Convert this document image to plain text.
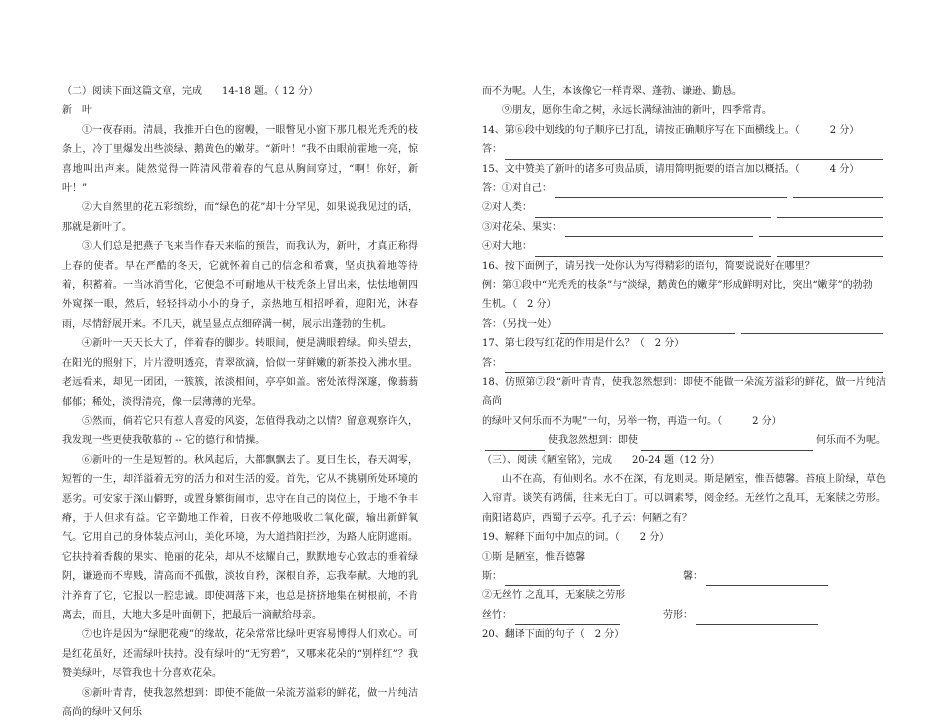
（二）阅读下面这篇文章，完成　　14-18 题。（ 12 分）

新　叶

①一夜春雨。清晨，我推开白色的窗幔，一眼瞥见小窗下那几根光秃秃的枝条上，冷丁里爆发出些淡绿、鹅黄色的嫩芽。“新叶！”我不由眼前霍地一亮，惊喜地叫出声来。陡然觉得一阵清风带着春的气息从胸间穿过，“啊！你好，新叶！”

②大自然里的花五彩缤纷，而“绿色的花”却十分罕见，如果说我见过的话，那就是新叶了。

③人们总是把燕子飞来当作春天来临的预告，而我认为，新叶，才真正称得上春的使者。早在严酷的冬天，它就怀着自己的信念和希冀，坚贞执着地等待着，积蓄着。一当冰消雪化，它便急不可耐地从干枝秃条上冒出来，怯怯地朝四外窥探一眼，然后，轻轻抖动小小的身子，亲热地互相招呼着，迎阳光，沐春雨，尽情舒展开来。不几天，就呈显点点细碎满一树，展示出蓬勃的生机。

④新叶一天天长大了，伴着春的脚步。转眼间，便是满眼碧绿。仰头望去，在阳光的照射下，片片澄明透亮，青翠欲滴，恰似一芽鲜嫩的新茶投入沸水里。老远看来，却见一团团，一簇簇，浓淡相间，亭亭如盖。密处浓得深邃，像蓊蓊郁郁；稀处，淡得清亮，像一层薄薄的光晕。

⑤然而，倘若它只有惹人喜爱的风姿，怎值得我动之以情？留意观察许久，我发现一些更使我敬慕的 -- 它的德行和情操。

⑥新叶的一生是短暂的。秋风起后，大都飘飘去了。夏日生长，春天凋零，短暂的一生，却洋溢着无穷的活力和对生活的爱。首先，它从不挑剔所处环境的恶劣。可安家于深山僻野，或置身繁街闹市，忠守在自己的岗位上，于地不争丰瘠，于人但求有益。它辛勤地工作着，日夜不停地吸收二氧化碳，输出新鲜氧气。它用自己的身体装点河山，美化环境，为大道挡阳拦沙，为路人庇阴遮雨。它扶持着香馥的果实、艳丽的花朵，却从不炫耀自己，默默地专心致志的垂着绿阴，谦逊而不卑贱，清高而不孤傲，淡妆自矜，深根自养，忘我奉献。大地的乳汁养育了它，它报以一腔忠诚。即使凋落下来，也总是挤挤地集在树根前，不肯离去，而且，大地大多是叶面朝下，把最后一滴献给母亲。

⑦也许是因为“绿肥花瘦”的缘故，花朵常常比绿叶更容易博得人们欢心。可是红花虽好，还需绿叶扶持。没有绿叶的“无穷碧”，又哪来花朵的“别样红”？我赞美绿叶，尽管我也十分喜欢花朵。

⑧新叶青青，使我忽然想到：即使不能做一朵流芳溢彩的鲜花，做一片纯洁高尚的绿叶又何乐

而不为呢。人生，本该像它一样青翠、蓬勃、谦逊、勤恳。

⑨朋友，愿你生命之树，永远长满绿油油的新叶，四季常青。

14、第⑥段中划线的句子顺序已打乱，请按正确顺序写在下面横线上。（　　　2 分）

答：

15、文中赞美了新叶的诸多可贵品质，请用简明扼要的语言加以概括。（　　　4 分）

答：①对自己：
②对人类：
③对花朵、果实：
④对大地：

16、按下面例子，请另找一处你认为写得精彩的语句，简要说说好在哪里？

例：第①段中“光秃秃的枝条”与“淡绿，鹅黄色的嫩芽”形成鲜明对比，突出“嫩芽”的勃勃

生机。（　2 分）

答：（另找一处）

17、第七段写红花的作用是什么？（　2 分）

答：

18、仿照第⑦段“新叶青青，使我忽然想到：即使不能做一朵流芳溢彩的鲜花，做一片纯洁高尚

的绿叶又何乐而不为呢”一句，另举一物，再造一句。（　　　2 分）

使我忽然想到：即使	何乐而不为呢。

（三）、阅读《陋室铭》，完成　　20-24 题（12 分）

山不在高，有仙则名。水不在深，有龙则灵。斯是陋室，惟吾德馨。苔痕上阶绿，草色入帘青。谈笑有鸿儒，往来无白丁。可以调素琴，阅金经。无丝竹之乱耳，无案牍之劳形。南阳诸葛庐，西蜀子云亭。孔子云：何陋之有？

19、解释下面句中加点的词。（　　2 分）

①斯 是陋室，惟吾德馨

斯：	馨：

②无丝竹 之乱耳，无案牍之劳形

丝竹：	劳形：

20、翻译下面的句子（　2 分）
